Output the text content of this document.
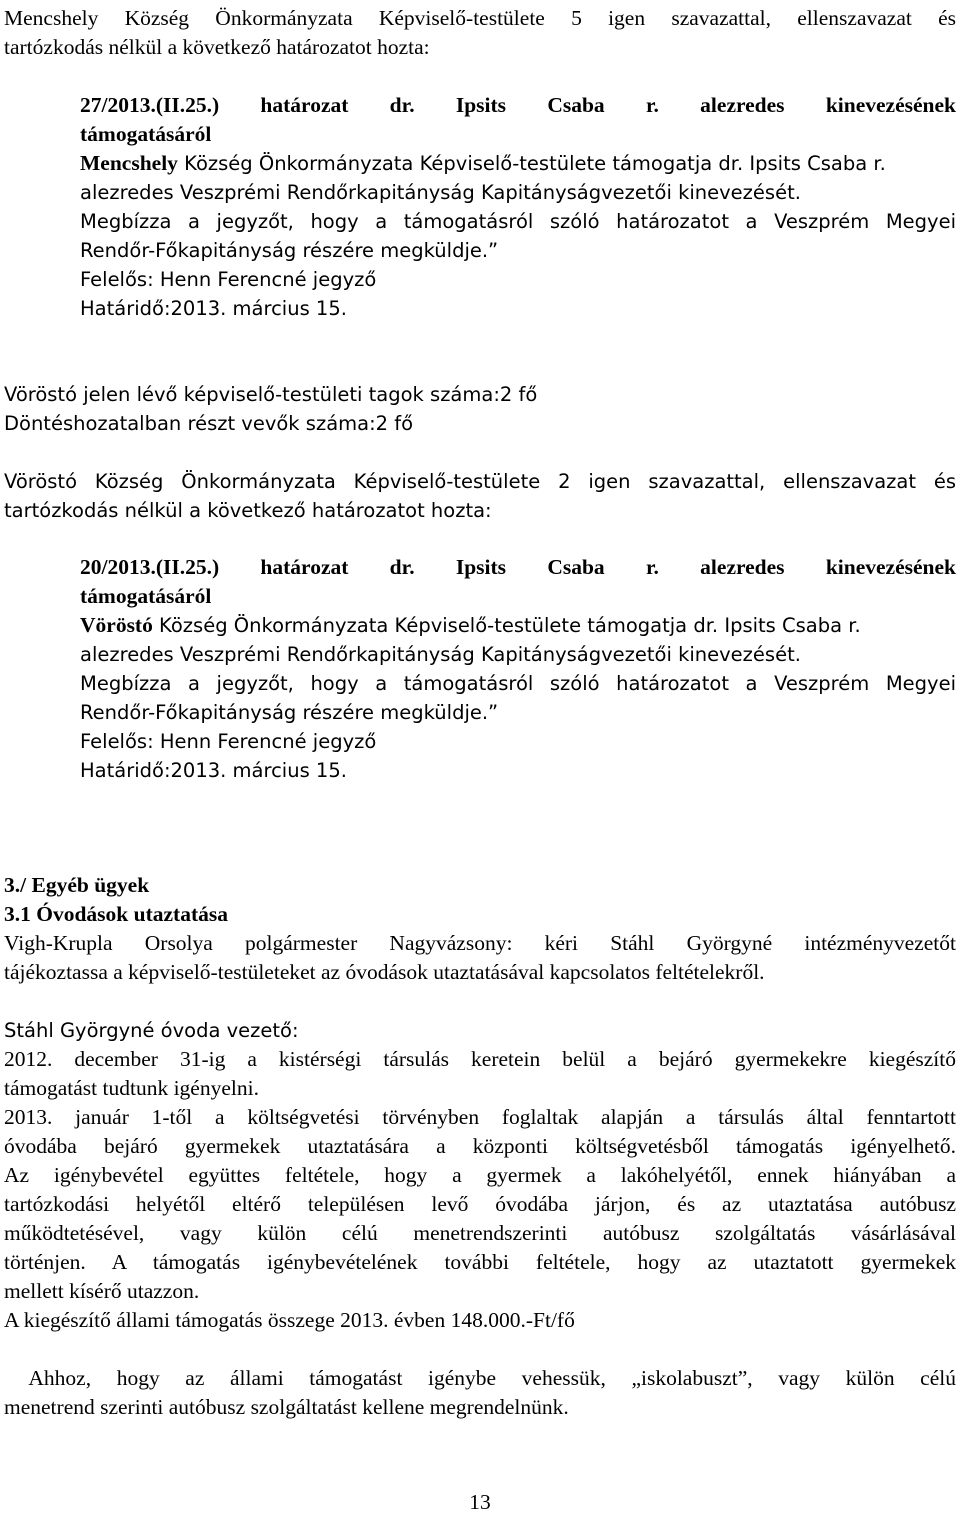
Mencshely Község Önkormányzata Képviselő-testülete 5 igen szavazattal, ellenszavazat és
tartózkodás nélkül a következő határozatot hozta:
27/2013.(II.25.) határozat dr. Ipsits Csaba r. alezredes kinevezésének
támogatásáról
Mencshely Község Önkormányzata Képviselő-testülete támogatja dr. Ipsits Csaba r.
alezredes Veszprémi Rendőrkapitányság Kapitányságvezetői kinevezését.
Megbízza a jegyzőt, hogy a támogatásról szóló határozatot a Veszprém Megyei
Rendőr-Főkapitányság részére megküldje.”
Felelős: Henn Ferencné jegyző
Határidő:2013. március 15.
Vöröstó jelen lévő képviselő-testületi tagok száma:2 fő
Döntéshozatalban részt vevők száma:2 fő
Vöröstó Község Önkormányzata Képviselő-testülete 2 igen szavazattal, ellenszavazat és
tartózkodás nélkül a következő határozatot hozta:
20/2013.(II.25.) határozat dr. Ipsits Csaba r. alezredes kinevezésének
támogatásáról
Vöröstó Község Önkormányzata Képviselő-testülete támogatja dr. Ipsits Csaba r.
alezredes Veszprémi Rendőrkapitányság Kapitányságvezetői kinevezését.
Megbízza a jegyzőt, hogy a támogatásról szóló határozatot a Veszprém Megyei
Rendőr-Főkapitányság részére megküldje.”
Felelős: Henn Ferencné jegyző
Határidő:2013. március 15.
3./ Egyéb ügyek
3.1 Óvodások utaztatása
Vigh-Krupla Orsolya polgármester Nagyvázsony: kéri Stáhl Györgyné intézményvezetőt
tájékoztassa a képviselő-testületeket az óvodások utaztatásával kapcsolatos feltételekről.
Stáhl Györgyné óvoda vezető:
2012. december 31-ig a kistérségi társulás keretein belül a bejáró gyermekekre kiegészítő
támogatást tudtunk igényelni.
2013. január 1-től a költségvetési törvényben foglaltak alapján a társulás által fenntartott
óvodába bejáró gyermekek utaztatására a központi költségvetésből támogatás igényelhető.
Az igénybevétel együttes feltétele, hogy a gyermek a lakóhelyétől, ennek hiányában a
tartózkodási helyétől eltérő településen levő óvodába járjon, és az utaztatása autóbusz
működtetésével, vagy külön célú menetrendszerinti autóbusz szolgáltatás vásárlásával
történjen. A támogatás igénybevételének további feltétele, hogy az utaztatott gyermekek
mellett kísérő utazzon.
A kiegészítő állami támogatás összege 2013. évben 148.000.-Ft/fő
Ahhoz, hogy az állami támogatást igénybe vehessük, „iskolabuszt”, vagy külön célú
menetrend szerinti autóbusz szolgáltatást kellene megrendelnünk.
13
